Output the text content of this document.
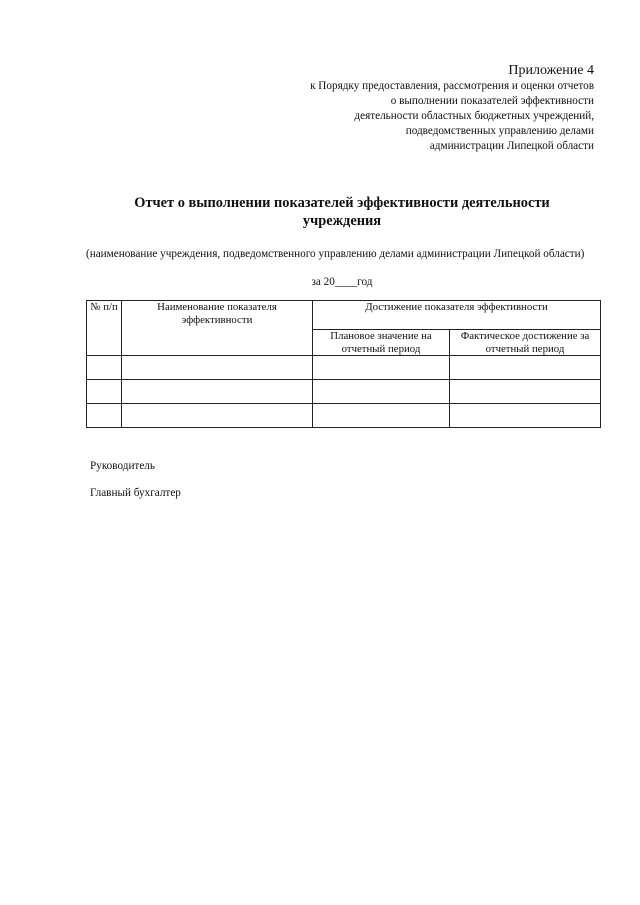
Приложение 4
к Порядку предоставления, рассмотрения и оценки отчетов
о выполнении показателей эффективности
деятельности областных бюджетных учреждений,
подведомственных управлению делами
администрации Липецкой области
Отчет о выполнении показателей эффективности деятельности
учреждения
(наименование учреждения, подведомственного управлению делами администрации Липецкой области)
за 20____год
№ п/п	Наименование показателя эффективности	Достижение показателя эффективности	
		Плановое значение на отчетный период	Фактическое достижение за отчетный период

Руководитель
Главный бухгалтер
